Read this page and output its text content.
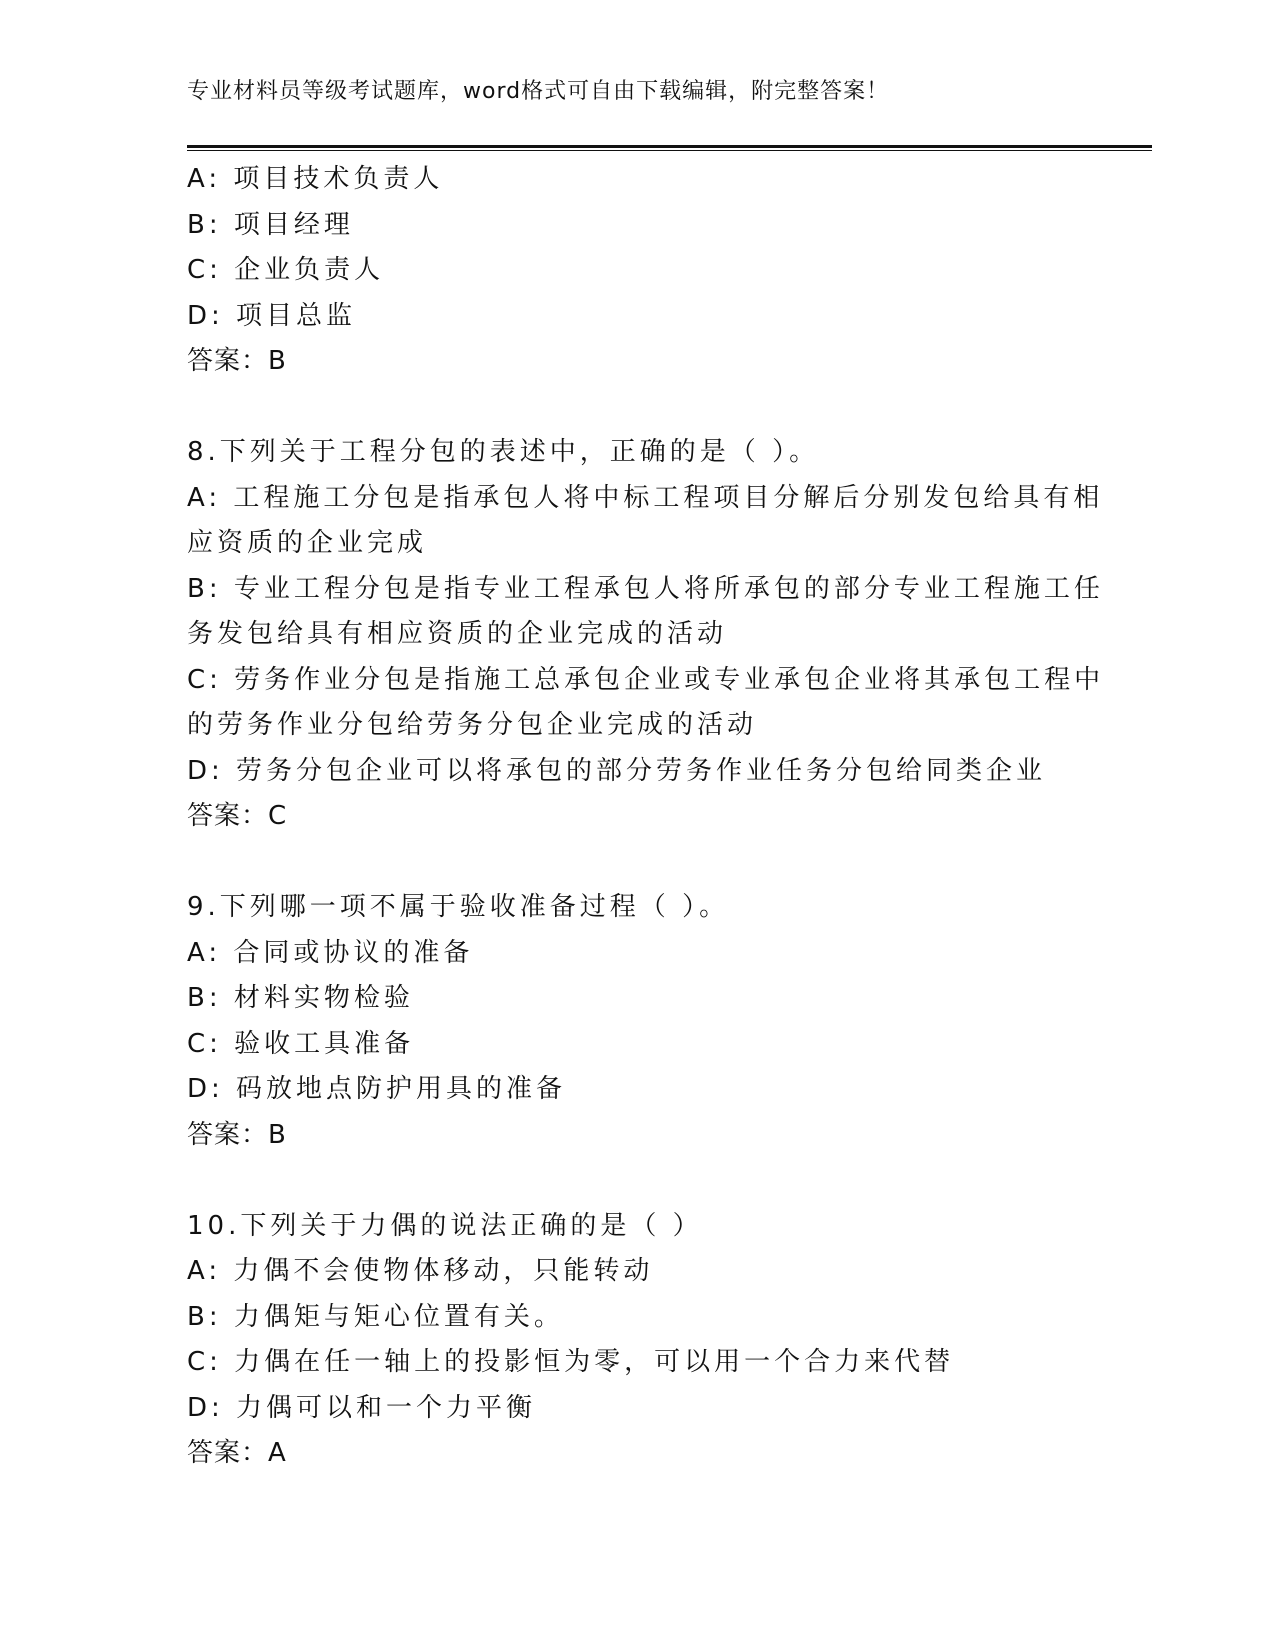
专业材料员等级考试题库，word格式可自由下载编辑，附完整答案！
A: 项目技术负责人
B: 项目经理
C: 企业负责人
D: 项目总监
答案：B
8.下列关于工程分包的表述中，正确的是（ ）。
A: 工程施工分包是指承包人将中标工程项目分解后分别发包给具有相
应资质的企业完成
B: 专业工程分包是指专业工程承包人将所承包的部分专业工程施工任
务发包给具有相应资质的企业完成的活动
C: 劳务作业分包是指施工总承包企业或专业承包企业将其承包工程中
的劳务作业分包给劳务分包企业完成的活动
D: 劳务分包企业可以将承包的部分劳务作业任务分包给同类企业
答案：C
9.下列哪一项不属于验收准备过程（ ）。
A: 合同或协议的准备
B: 材料实物检验
C: 验收工具准备
D: 码放地点防护用具的准备
答案：B
10.下列关于力偶的说法正确的是（ ）
A: 力偶不会使物体移动，只能转动
B: 力偶矩与矩心位置有关。
C: 力偶在任一轴上的投影恒为零，可以用一个合力来代替
D: 力偶可以和一个力平衡
答案：A
